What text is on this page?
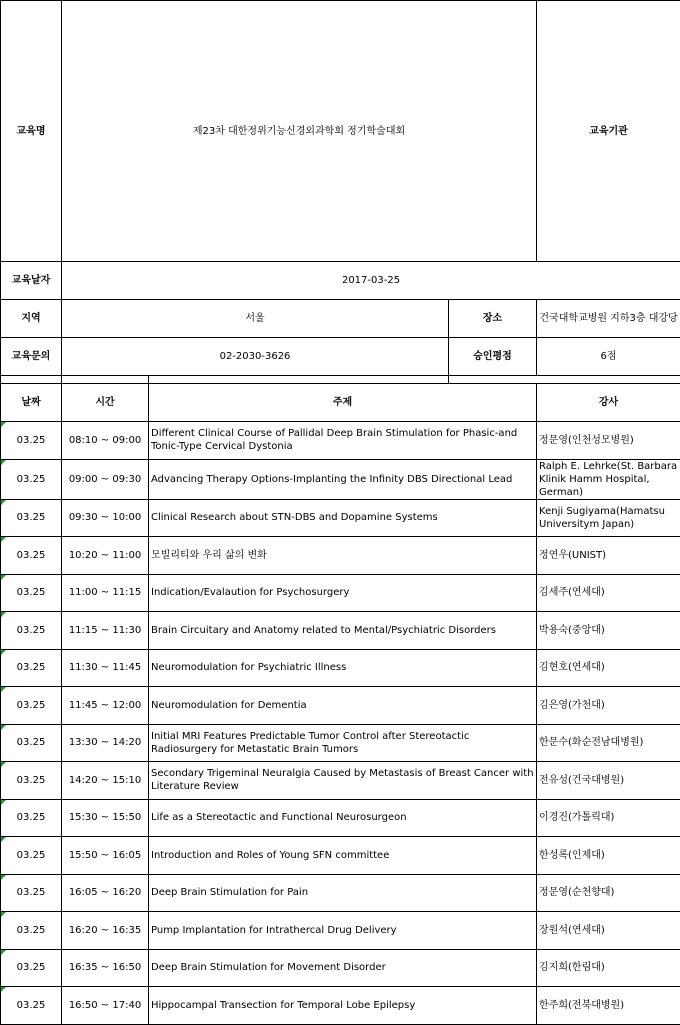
교육명	제23차 대한정위기능신경외과학회 정기학술대회			교육기관	
교육날자	2017-03-25				
지역	서울		장소	건국대학교병원 지하3층 대강당	
교육문의	02-2030-3626		승인평점	6점	

날짜	시간	주제		강사	
03.25	08:10 ~ 09:00	Different Clinical Course of Pallidal Deep Brain Stimulation for Phasic-and Tonic-Type Cervical Dystonia		정문영(인천성모병원)	
03.25	09:00 ~ 09:30	Advancing Therapy Options-Implanting the Infinity DBS Directional Lead		Ralph E. Lehrke(St. Barbara Klinik Hamm Hospital, German)	
03.25	09:30 ~ 10:00	Clinical Research about STN-DBS and Dopamine Systems		Kenji Sugiyama(Hamatsu Universitym Japan)	
03.25	10:20 ~ 11:00	모빌리티와 우리 삶의 변화		정연우(UNIST)	
03.25	11:00 ~ 11:15	Indication/Evalaution for Psychosurgery		김세주(연세대)	
03.25	11:15 ~ 11:30	Brain Circuitary and Anatomy related to Mental/Psychiatric Disorders		박용숙(중앙대)	
03.25	11:30 ~ 11:45	Neuromodulation for Psychiatric Illness		김현호(연세대)	
03.25	11:45 ~ 12:00	Neuromodulation for Dementia		김은영(가천대)	
03.25	13:30 ~ 14:20	Initial MRI Features Predictable Tumor Control after Stereotactic Radiosurgery for Metastatic Brain Tumors		한문수(화순전남대병원)	
03.25	14:20 ~ 15:10	Secondary Trigeminal Neuralgia Caused by Metastasis of Breast Cancer with Literature Review		전유성(건국대병원)	
03.25	15:30 ~ 15:50	Life as a Stereotactic and Functional Neurosurgeon		이경진(가톨릭대)	
03.25	15:50 ~ 16:05	Introduction and Roles of Young SFN committee		한성록(인제대)	
03.25	16:05 ~ 16:20	Deep Brain Stimulation for Pain		정문영(순천향대)	
03.25	16:20 ~ 16:35	Pump Implantation for Intrathercal Drug Delivery		장원석(연세대)	
03.25	16:35 ~ 16:50	Deep Brain Stimulation for Movement Disorder		김지희(한림대)	
03.25	16:50 ~ 17:40	Hippocampal Transection for Temporal Lobe Epilepsy		한주희(전북대병원)	
